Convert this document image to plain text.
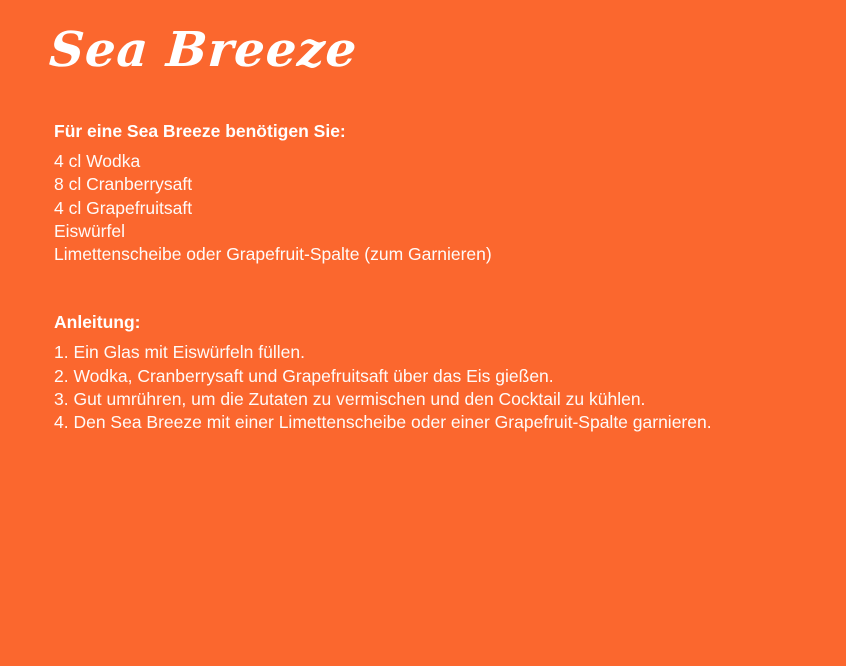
Sea Breeze
Für eine Sea Breeze benötigen Sie:
4 cl Wodka
8 cl Cranberrysaft
4 cl Grapefruitsaft
Eiswürfel
Limettenscheibe oder Grapefruit-Spalte (zum Garnieren)
Anleitung:
1. Ein Glas mit Eiswürfeln füllen.
2. Wodka, Cranberrysaft und Grapefruitsaft über das Eis gießen.
3. Gut umrühren, um die Zutaten zu vermischen und den Cocktail zu kühlen.
4. Den Sea Breeze mit einer Limettenscheibe oder einer Grapefruit-Spalte garnieren.
